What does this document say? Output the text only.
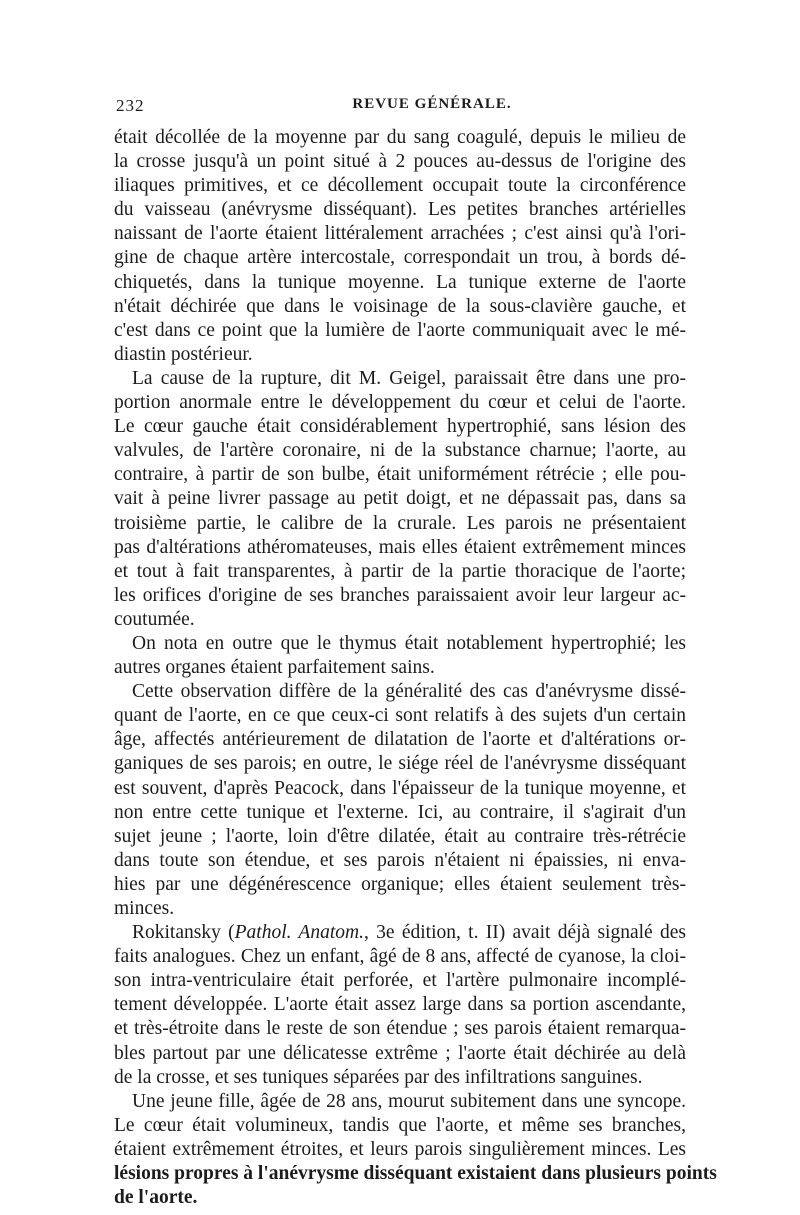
232	REVUE GÉNÉRALE.
était décollée de la moyenne par du sang coagulé, depuis le milieu de
la crosse jusqu'à un point situé à 2 pouces au-dessus de l'origine des
iliaques primitives, et ce décollement occupait toute la circonférence
du vaisseau (anévrysme disséquant). Les petites branches artérielles
naissant de l'aorte étaient littéralement arrachées ; c'est ainsi qu'à l'ori-
gine de chaque artère intercostale, correspondait un trou, à bords dé-
chiquetés, dans la tunique moyenne. La tunique externe de l'aorte
n'était déchirée que dans le voisinage de la sous-clavière gauche, et
c'est dans ce point que la lumière de l'aorte communiquait avec le mé-
diastin postérieur.
La cause de la rupture, dit M. Geigel, paraissait être dans une pro-
portion anormale entre le développement du cœur et celui de l'aorte.
Le cœur gauche était considérablement hypertrophié, sans lésion des
valvules, de l'artère coronaire, ni de la substance charnue; l'aorte, au
contraire, à partir de son bulbe, était uniformément rétrécie ; elle pou-
vait à peine livrer passage au petit doigt, et ne dépassait pas, dans sa
troisième partie, le calibre de la crurale. Les parois ne présentaient
pas d'altérations athéromateuses, mais elles étaient extrêmement minces
et tout à fait transparentes, à partir de la partie thoracique de l'aorte;
les orifices d'origine de ses branches paraissaient avoir leur largeur ac-
coutumée.
On nota en outre que le thymus était notablement hypertrophié; les
autres organes étaient parfaitement sains.
Cette observation diffère de la généralité des cas d'anévrysme dissé-
quant de l'aorte, en ce que ceux-ci sont relatifs à des sujets d'un certain
âge, affectés antérieurement de dilatation de l'aorte et d'altérations or-
ganiques de ses parois; en outre, le siége réel de l'anévrysme disséquant
est souvent, d'après Peacock, dans l'épaisseur de la tunique moyenne, et
non entre cette tunique et l'externe. Ici, au contraire, il s'agirait d'un
sujet jeune ; l'aorte, loin d'être dilatée, était au contraire très-rétrécie
dans toute son étendue, et ses parois n'étaient ni épaissies, ni enva-
hies par une dégénérescence organique; elles étaient seulement très-
minces.
Rokitansky (Pathol. Anatom., 3e édition, t. II) avait déjà signalé des
faits analogues. Chez un enfant, âgé de 8 ans, affecté de cyanose, la cloi-
son intra-ventriculaire était perforée, et l'artère pulmonaire incomplé-
tement développée. L'aorte était assez large dans sa portion ascendante,
et très-étroite dans le reste de son étendue ; ses parois étaient remarqua-
bles partout par une délicatesse extrême ; l'aorte était déchirée au delà
de la crosse, et ses tuniques séparées par des infiltrations sanguines.
Une jeune fille, âgée de 28 ans, mourut subitement dans une syncope.
Le cœur était volumineux, tandis que l'aorte, et même ses branches,
étaient extrêmement étroites, et leurs parois singulièrement minces. Les
lésions propres à l'anévrysme disséquant existaient dans plusieurs points
de l'aorte.
